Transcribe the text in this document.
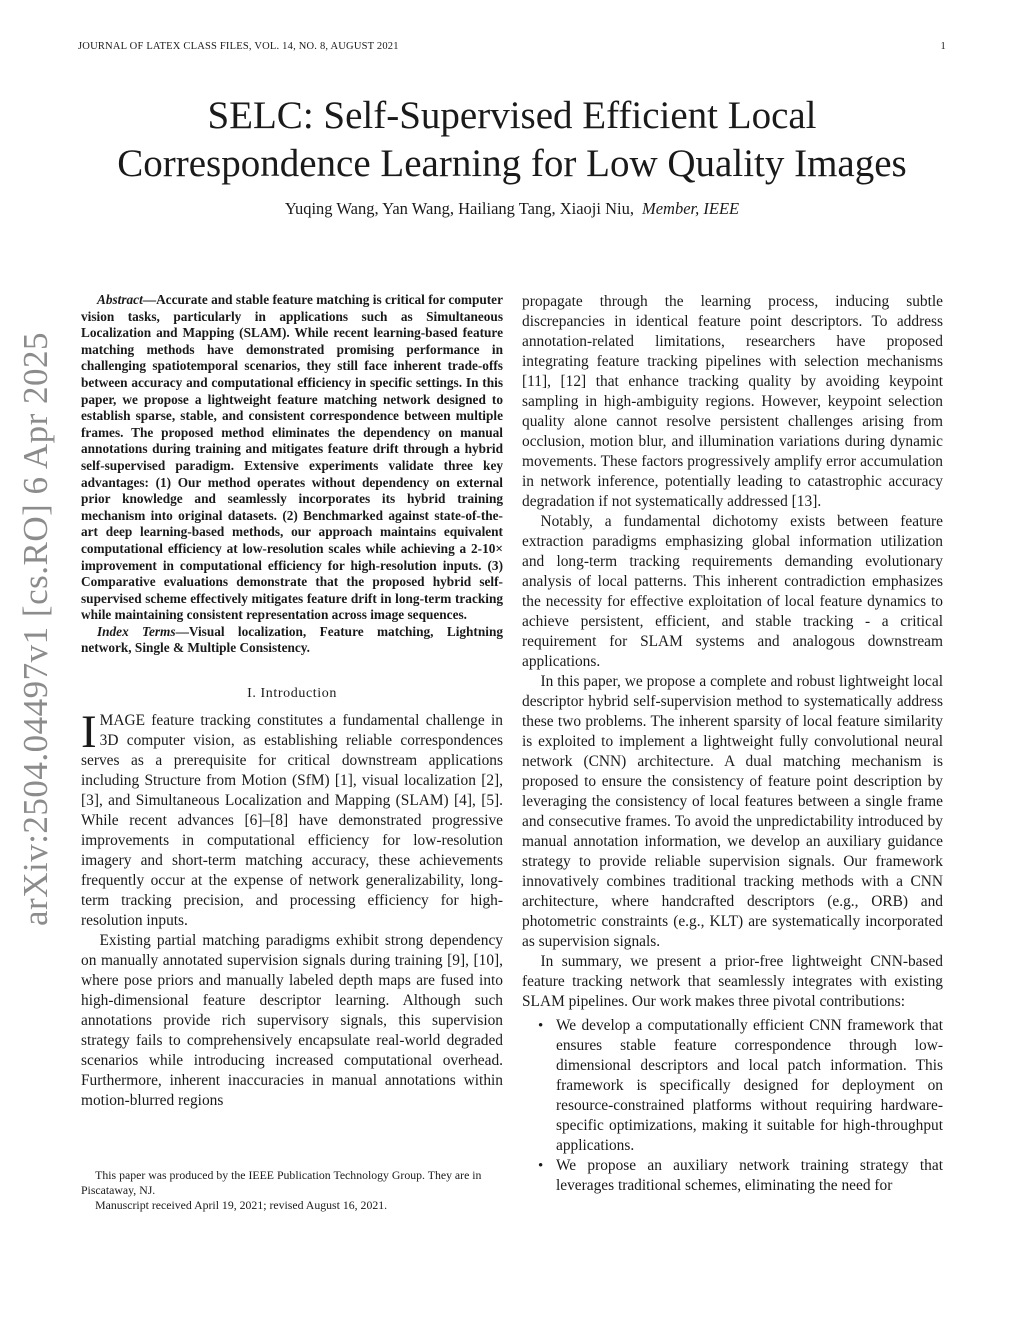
JOURNAL OF LATEX CLASS FILES, VOL. 14, NO. 8, AUGUST 2021	1
SELC: Self-Supervised Efficient Local
Correspondence Learning for Low Quality Images
Yuqing Wang, Yan Wang, Hailiang Tang, Xiaoji Niu, Member, IEEE
arXiv:2504.04497v1 [cs.RO] 6 Apr 2025

Abstract—Accurate and stable feature matching is critical for computer vision tasks, particularly in applications such as Simultaneous Localization and Mapping (SLAM). While recent learning-based feature matching methods have demonstrated promising performance in challenging spatiotemporal scenarios, they still face inherent trade-offs between accuracy and computational efficiency in specific settings. In this paper, we propose a lightweight feature matching network designed to establish sparse, stable, and consistent correspondence between multiple frames. The proposed method eliminates the dependency on manual annotations during training and mitigates feature drift through a hybrid self-supervised paradigm. Extensive experiments validate three key advantages: (1) Our method operates without dependency on external prior knowledge and seamlessly incorporates its hybrid training mechanism into original datasets. (2) Benchmarked against state-of-the-art deep learning-based methods, our approach maintains equivalent computational efficiency at low-resolution scales while achieving a 2-10× improvement in computational efficiency for high-resolution inputs. (3) Comparative evaluations demonstrate that the proposed hybrid self-supervised scheme effectively mitigates feature drift in long-term tracking while maintaining consistent representation across image sequences.

Index Terms—Visual localization, Feature matching, Lightning network, Single & Multiple Consistency.

I. Introduction

IMAGE feature tracking constitutes a fundamental challenge in 3D computer vision, as establishing reliable correspondences serves as a prerequisite for critical downstream applications including Structure from Motion (SfM) [1], visual localization [2], [3], and Simultaneous Localization and Mapping (SLAM) [4], [5]. While recent advances [6]–[8] have demonstrated progressive improvements in computational efficiency for low-resolution imagery and short-term matching accuracy, these achievements frequently occur at the expense of network generalizability, long-term tracking precision, and processing efficiency for high-resolution inputs.

Existing partial matching paradigms exhibit strong dependency on manually annotated supervision signals during training [9], [10], where pose priors and manually labeled depth maps are fused into high-dimensional feature descriptor learning. Although such annotations provide rich supervisory signals, this supervision strategy fails to comprehensively encapsulate real-world degraded scenarios while introducing increased computational overhead. Furthermore, inherent inaccuracies in manual annotations within motion-blurred regions

This paper was produced by the IEEE Publication Technology Group. They are in Piscataway, NJ.

Manuscript received April 19, 2021; revised August 16, 2021.

propagate through the learning process, inducing subtle discrepancies in identical feature point descriptors. To address annotation-related limitations, researchers have proposed integrating feature tracking pipelines with selection mechanisms [11], [12] that enhance tracking quality by avoiding keypoint sampling in high-ambiguity regions. However, keypoint selection quality alone cannot resolve persistent challenges arising from occlusion, motion blur, and illumination variations during dynamic movements. These factors progressively amplify error accumulation in network inference, potentially leading to catastrophic accuracy degradation if not systematically addressed [13].

Notably, a fundamental dichotomy exists between feature extraction paradigms emphasizing global information utilization and long-term tracking requirements demanding evolutionary analysis of local patterns. This inherent contradiction emphasizes the necessity for effective exploitation of local feature dynamics to achieve persistent, efficient, and stable tracking - a critical requirement for SLAM systems and analogous downstream applications.

In this paper, we propose a complete and robust lightweight local descriptor hybrid self-supervision method to systematically address these two problems. The inherent sparsity of local feature similarity is exploited to implement a lightweight fully convolutional neural network (CNN) architecture. A dual matching mechanism is proposed to ensure the consistency of feature point description by leveraging the consistency of local features between a single frame and consecutive frames. To avoid the unpredictability introduced by manual annotation information, we develop an auxiliary guidance strategy to provide reliable supervision signals. Our framework innovatively combines traditional tracking methods with a CNN architecture, where handcrafted descriptors (e.g., ORB) and photometric constraints (e.g., KLT) are systematically incorporated as supervision signals.

In summary, we present a prior-free lightweight CNN-based feature tracking network that seamlessly integrates with existing SLAM pipelines. Our work makes three pivotal contributions:

• We develop a computationally efficient CNN framework that ensures stable feature correspondence through low-dimensional descriptors and local patch information. This framework is specifically designed for deployment on resource-constrained platforms without requiring hardware-specific optimizations, making it suitable for high-throughput applications.
• We propose an auxiliary network training strategy that leverages traditional schemes, eliminating the need for
